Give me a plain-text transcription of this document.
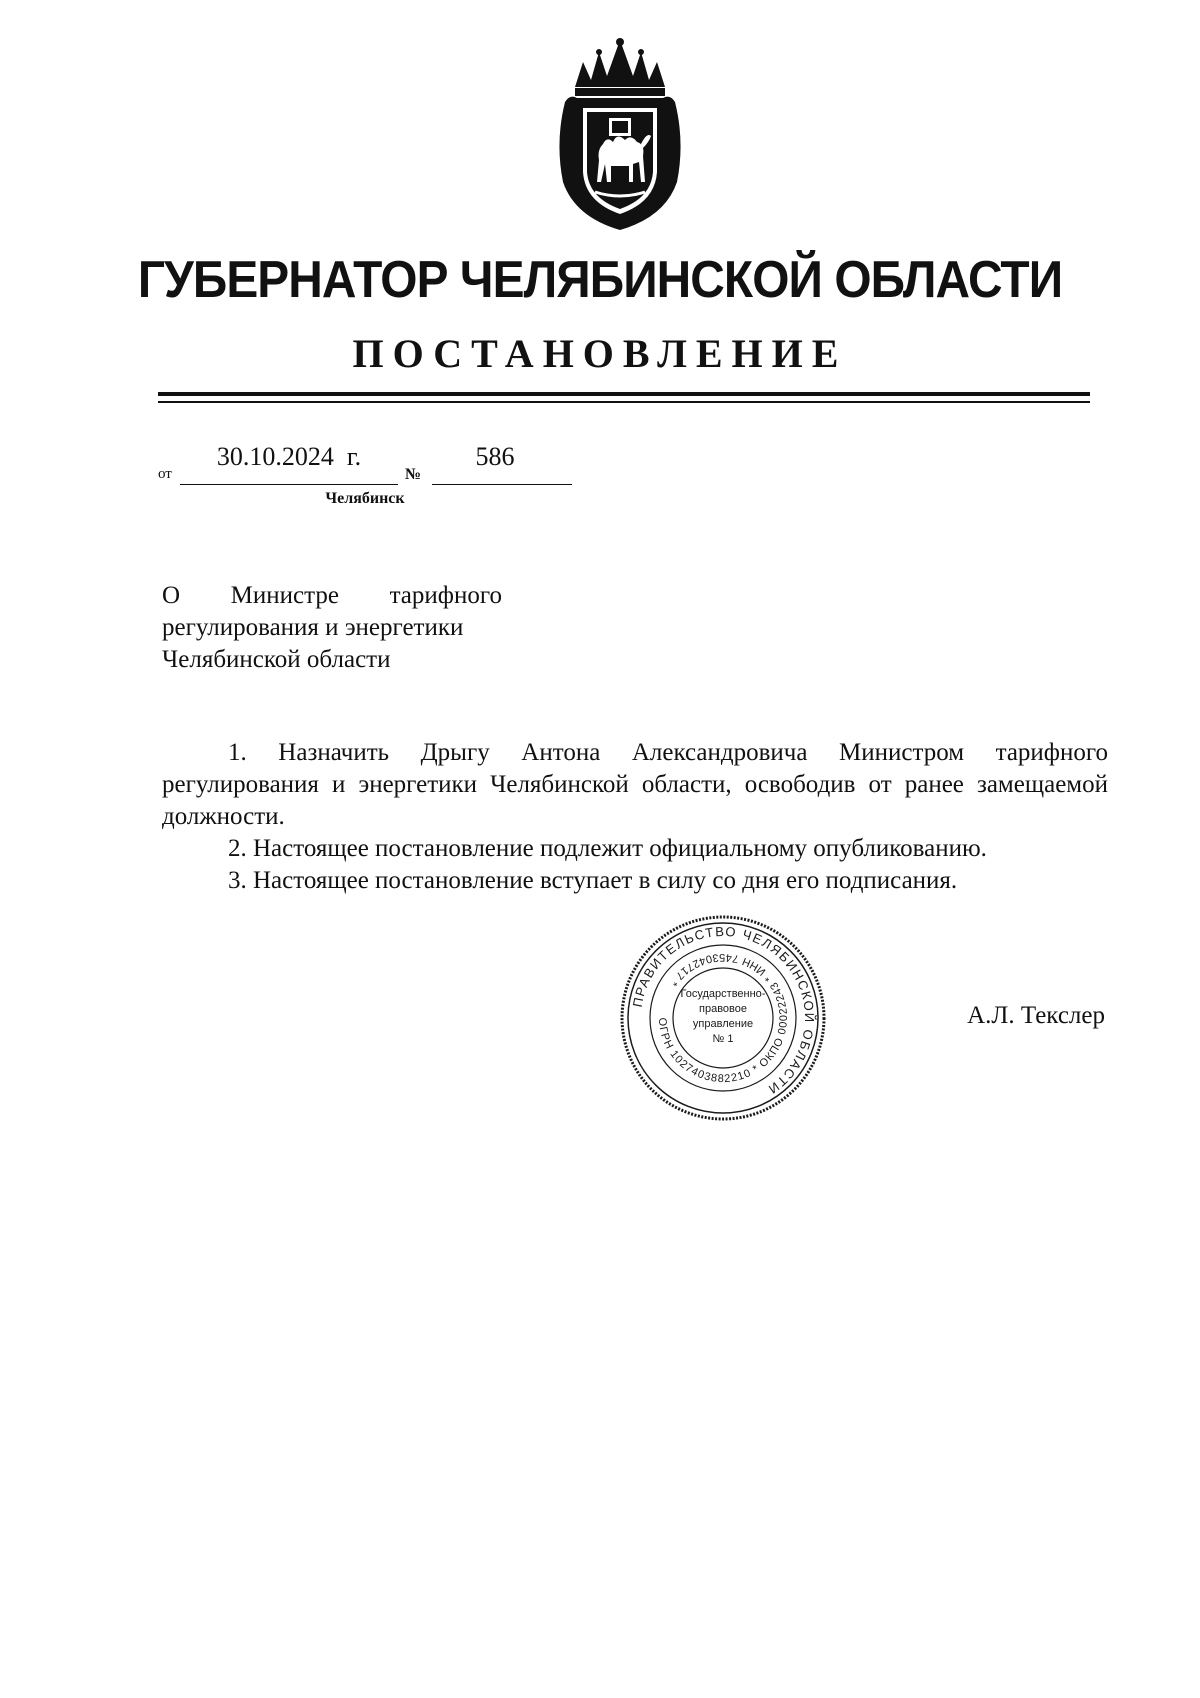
ГУБЕРНАТОР ЧЕЛЯБИНСКОЙ ОБЛАСТИ
ПОСТАНОВЛЕНИЕ
от
30.10.2024  г.
№
586
Челябинск
О Министре тарифного
регулирования и энергетики
Челябинской области

1. Назначить Дрыгу Антона Александровича Министром тарифного регулирования и энергетики Челябинской области, освободив от ранее замещаемой должности.

2. Настоящее постановление подлежит официальному опубликованию.

3. Настоящее постановление вступает в силу со дня его подписания.

ПРАВИТЕЛЬСТВО ЧЕЛЯБИНСКОЙ ОБЛАСТИ
ОГРН 1027403882210 * ОКПО 00022243 * ИНН 7453042717 *
Государственно-
правовое
управление
№ 1
А.Л. Текслер
